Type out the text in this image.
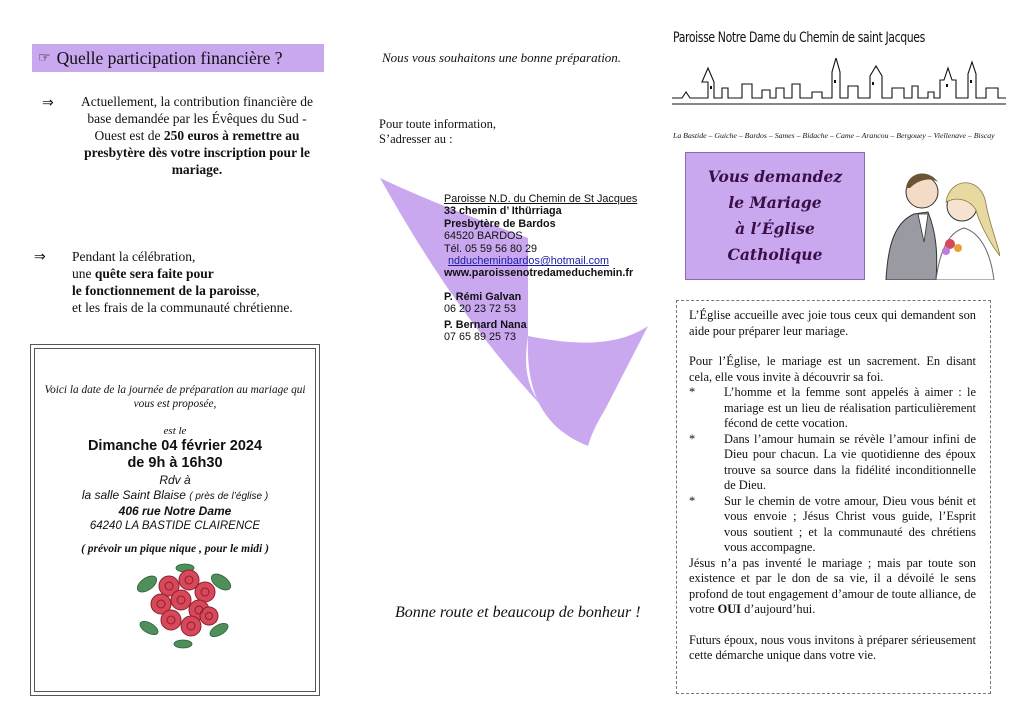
☞ Quelle participation financière ?
⇒	Actuellement, la contribution financière de base demandée par les Évêques du Sud -Ouest est de 250 euros à remettre au presbytère dès votre inscription pour le mariage.
⇒ Pendant la célébration,
une quête sera faite pour
le fonctionnement de la paroisse,
et les frais de la communauté chrétienne.
Voici la date de la journée de préparation au mariage qui vous est proposée,
est le
Dimanche 04 février 2024
de 9h à 16h30
Rdv à
la salle Saint Blaise ( près de l’église )
406 rue Notre Dame
64240 LA BASTIDE CLAIRENCE
( prévoir un pique nique , pour le midi )
Nous vous souhaitons une bonne préparation.
Pour toute information,
S’adresser au :
Paroisse N.D. du Chemin de St Jacques
33 chemin d’ Ithürriaga
Presbytère de Bardos
64520 BARDOS
Tél. 05 59 56 80 29
ndducheminbardos@hotmail.com
www.paroissenotredameduchemin.fr
P. Rémi Galvan
06 20 23 72 53
P. Bernard Nana
07 65 89 25 73
Bonne route et beaucoup de bonheur !
Paroisse Notre Dame du Chemin de saint Jacques
La Bastide – Guiche – Bardos – Sames – Bidache – Came – Arancou – Bergouey – Viellenave – Biscay
Vous demandez
le Mariage
à l’Église
Catholique
L’Église accueille avec joie tous ceux qui demandent son aide pour préparer leur mariage.
Pour l’Église, le mariage est un sacrement. En disant cela, elle vous invite à découvrir sa foi.
*	L’homme et la femme sont appelés à aimer : le mariage est un lieu de réalisation particulièrement fécond de cette vocation.
*	Dans l’amour humain se révèle l’amour infini de Dieu pour chacun. La vie quotidienne des époux trouve sa source dans la fidélité inconditionnelle de Dieu.
*	Sur le chemin de votre amour, Dieu vous bénit et vous envoie ; Jésus Christ vous guide, l’Esprit vous soutient ; et la communauté des chrétiens vous accompagne.
Jésus n’a pas inventé le mariage ; mais par toute son existence et par le don de sa vie, il a dévoilé le sens profond de tout engagement d’amour de toute alliance, de votre OUI d’aujourd’hui.
Futurs époux, nous vous invitons à préparer sérieusement cette démarche unique dans votre vie.
